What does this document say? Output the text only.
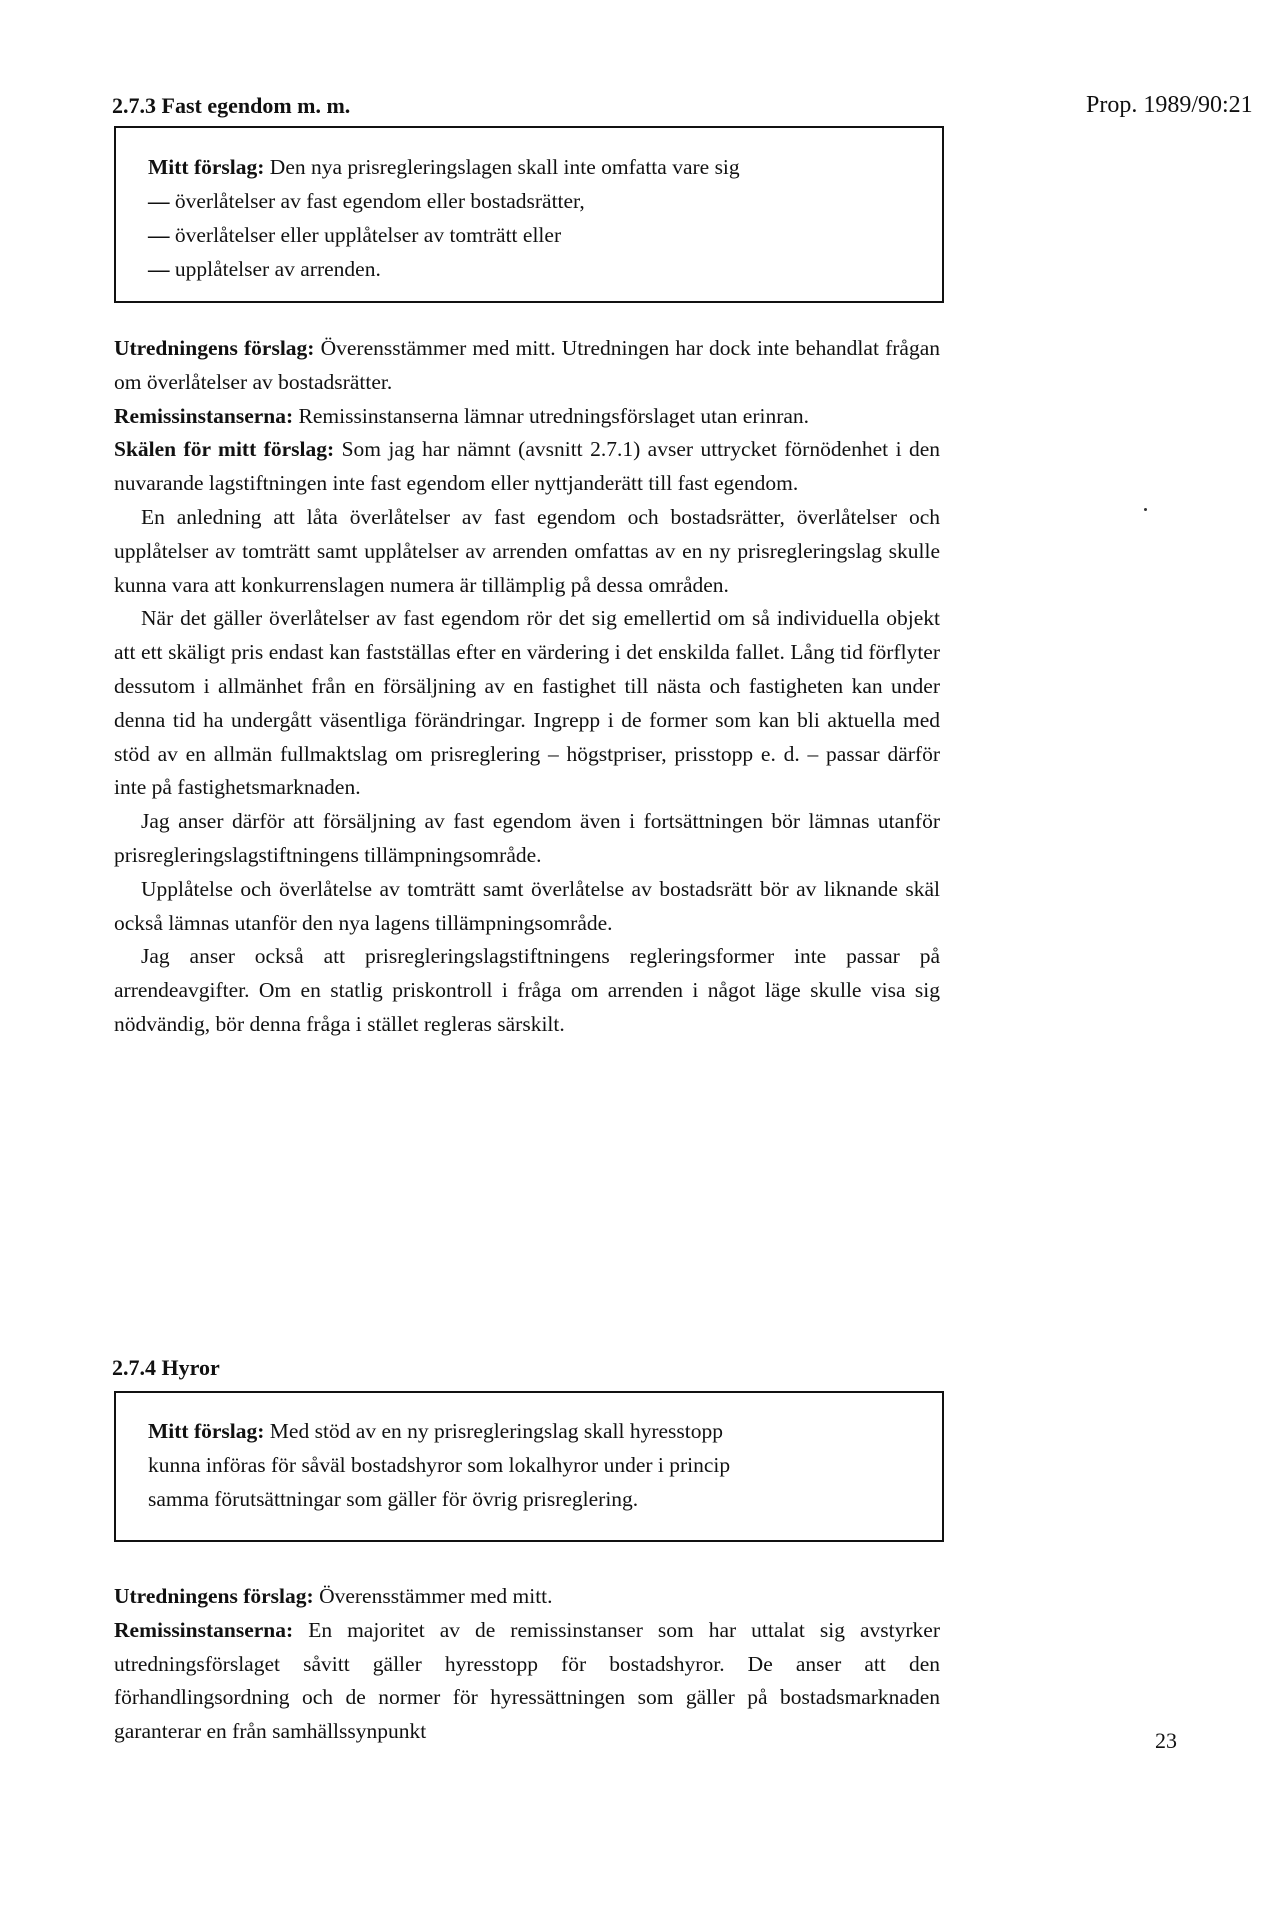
2.7.3 Fast egendom m. m.	Prop. 1989/90:21
Mitt förslag: Den nya prisregleringslagen skall inte omfatta vare sig
— överlåtelser av fast egendom eller bostadsrätter,
— överlåtelser eller upplåtelser av tomträtt eller
— upplåtelser av arrenden.

Utredningens förslag: Överensstämmer med mitt. Utredningen har dock inte behandlat frågan om överlåtelser av bostadsrätter.

Remissinstanserna: Remissinstanserna lämnar utredningsförslaget utan erinran.

Skälen för mitt förslag: Som jag har nämnt (avsnitt 2.7.1) avser uttrycket förnödenhet i den nuvarande lagstiftningen inte fast egendom eller nyttjanderätt till fast egendom.

En anledning att låta överlåtelser av fast egendom och bostadsrätter, överlåtelser och upplåtelser av tomträtt samt upplåtelser av arrenden omfattas av en ny prisregleringslag skulle kunna vara att konkurrenslagen numera är tillämplig på dessa områden.

När det gäller överlåtelser av fast egendom rör det sig emellertid om så individuella objekt att ett skäligt pris endast kan fastställas efter en värdering i det enskilda fallet. Lång tid förflyter dessutom i allmänhet från en försäljning av en fastighet till nästa och fastigheten kan under denna tid ha undergått väsentliga förändringar. Ingrepp i de former som kan bli aktuella med stöd av en allmän fullmaktslag om prisreglering – högstpriser, prisstopp e. d. – passar därför inte på fastighetsmarknaden.

Jag anser därför att försäljning av fast egendom även i fortsättningen bör lämnas utanför prisregleringslagstiftningens tillämpningsområde.

Upplåtelse och överlåtelse av tomträtt samt överlåtelse av bostadsrätt bör av liknande skäl också lämnas utanför den nya lagens tillämpningsområde.

Jag anser också att prisregleringslagstiftningens regleringsformer inte passar på arrendeavgifter. Om en statlig priskontroll i fråga om arrenden i något läge skulle visa sig nödvändig, bör denna fråga i stället regleras särskilt.

2.7.4 Hyror
Mitt förslag: Med stöd av en ny prisregleringslag skall hyresstopp
kunna införas för såväl bostadshyror som lokalhyror under i princip
samma förutsättningar som gäller för övrig prisreglering.

Utredningens förslag: Överensstämmer med mitt.

Remissinstanserna: En majoritet av de remissinstanser som har uttalat sig avstyrker utredningsförslaget såvitt gäller hyresstopp för bostadshyror. De anser att den förhandlingsordning och de normer för hyressättningen som gäller på bostadsmarknaden garanterar en från samhällssynpunkt	23
